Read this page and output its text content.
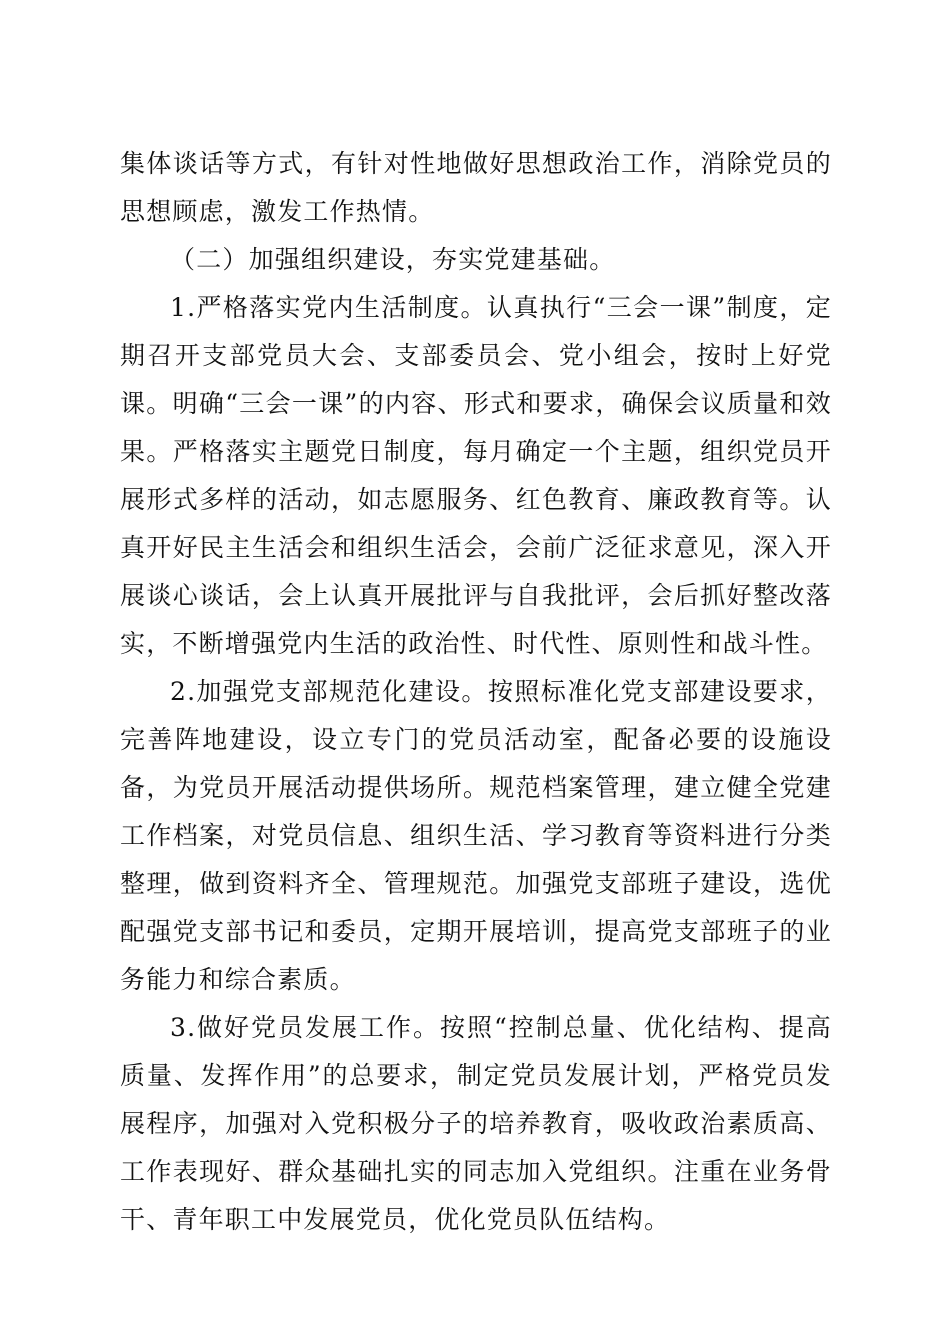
集体谈话等方式，有针对性地做好思想政治工作，消除党员的思想顾虑，激发工作热情。

（二）加强组织建设，夯实党建基础。

1.严格落实党内生活制度。认真执行“三会一课”制度，定期召开支部党员大会、支部委员会、党小组会，按时上好党课。明确“三会一课”的内容、形式和要求，确保会议质量和效果。严格落实主题党日制度，每月确定一个主题，组织党员开展形式多样的活动，如志愿服务、红色教育、廉政教育等。认真开好民主生活会和组织生活会，会前广泛征求意见，深入开展谈心谈话，会上认真开展批评与自我批评，会后抓好整改落实，不断增强党内生活的政治性、时代性、原则性和战斗性。

2.加强党支部规范化建设。按照标准化党支部建设要求，完善阵地建设，设立专门的党员活动室，配备必要的设施设备，为党员开展活动提供场所。规范档案管理，建立健全党建工作档案，对党员信息、组织生活、学习教育等资料进行分类整理，做到资料齐全、管理规范。加强党支部班子建设，选优配强党支部书记和委员，定期开展培训，提高党支部班子的业务能力和综合素质。

3.做好党员发展工作。按照“控制总量、优化结构、提高质量、发挥作用”的总要求，制定党员发展计划，严格党员发展程序，加强对入党积极分子的培养教育，吸收政治素质高、工作表现好、群众基础扎实的同志加入党组织。注重在业务骨干、青年职工中发展党员，优化党员队伍结构。
